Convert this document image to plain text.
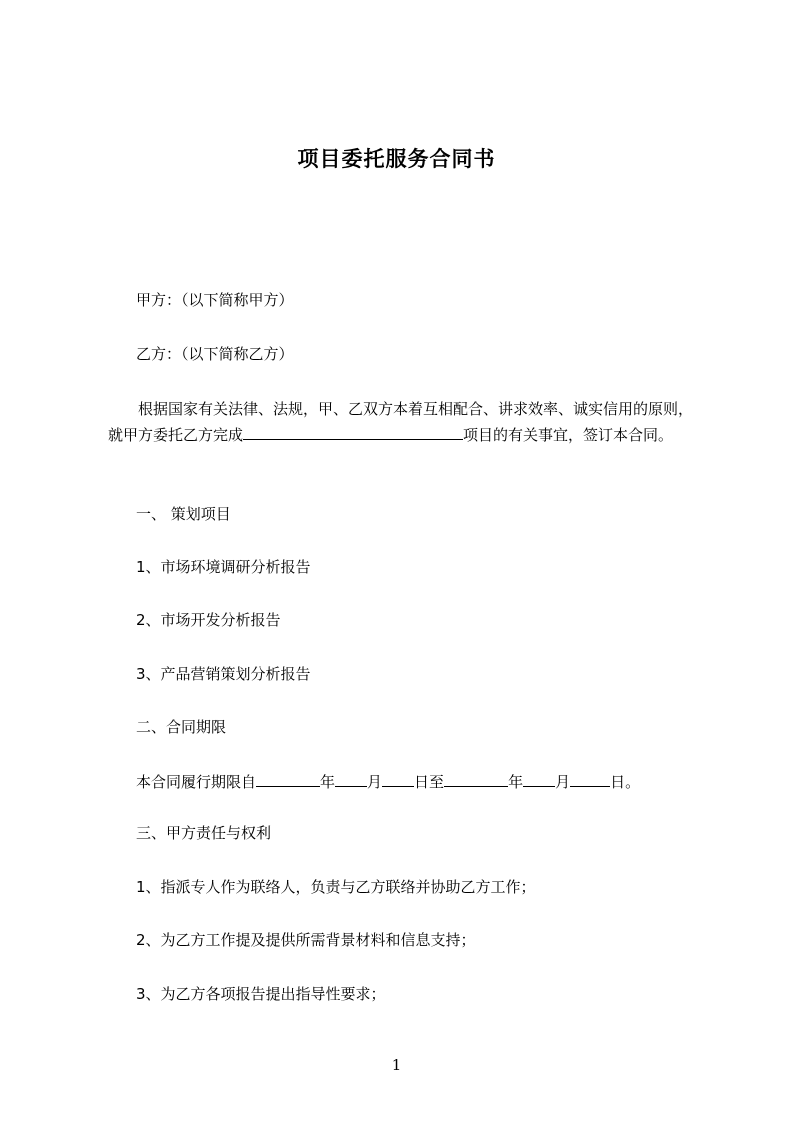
项目委托服务合同书

甲方：（以下简称甲方）

乙方：（以下简称乙方）

根据国家有关法律、法规，甲、乙双方本着互相配合、讲求效率、诚实信用的原则，就甲方委托乙方完成	项目的有关事宜，签订本合同。

一、 策划项目

1、市场环境调研分析报告

2、市场开发分析报告

3、产品营销策划分析报告

二、合同期限

本合同履行期限自	年 月 日至	年 月	日。

三、甲方责任与权利

1、指派专人作为联络人，负责与乙方联络并协助乙方工作；

2、为乙方工作提及提供所需背景材料和信息支持；

3、为乙方各项报告提出指导性要求；

1
